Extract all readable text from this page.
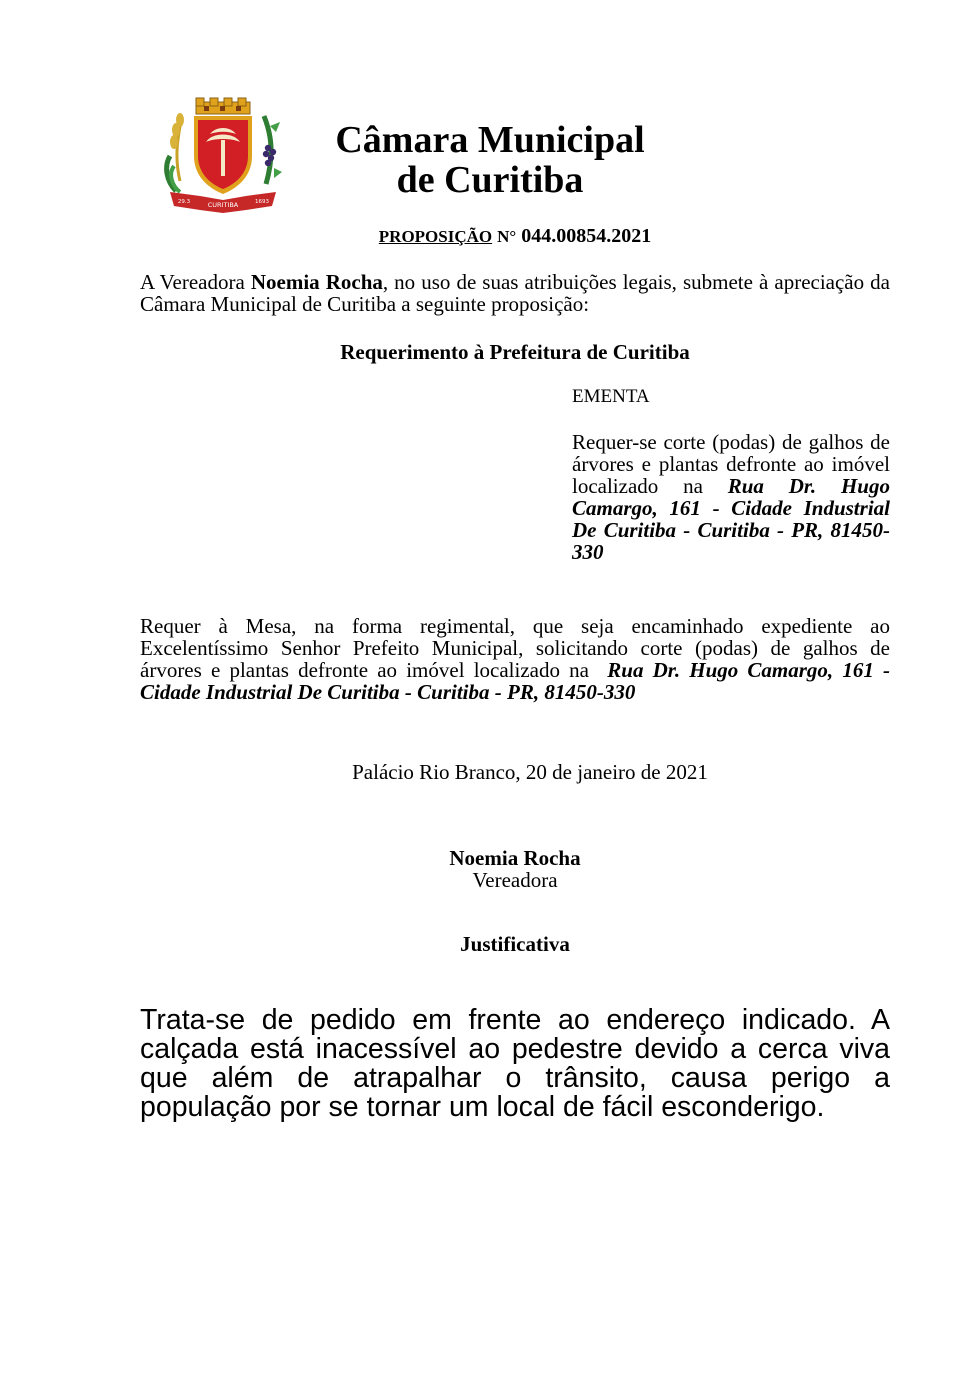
CURITIBA
29.3	1693
Câmara Municipal
de Curitiba
PROPOSIÇÃO N° 044.00854.2021
A Vereadora Noemia Rocha, no uso de suas atribuições legais, submete à apreciação da Câmara Municipal de Curitiba a seguinte proposição:
Requerimento à Prefeitura de Curitiba
EMENTA
Requer-se corte (podas) de galhos de árvores e plantas defronte ao imóvel localizado na Rua Dr. Hugo Camargo, 161 - Cidade Industrial De Curitiba - Curitiba - PR, 81450-330
Requer à Mesa, na forma regimental, que seja encaminhado expediente ao Excelentíssimo Senhor Prefeito Municipal, solicitando corte (podas) de galhos de árvores e plantas defronte ao imóvel localizado na Rua Dr. Hugo Camargo, 161 - Cidade Industrial De Curitiba - Curitiba - PR, 81450-330
Palácio Rio Branco, 20 de janeiro de 2021
Noemia Rocha
Vereadora
Justificativa
Trata-se de pedido em frente ao endereço indicado. A calçada está inacessível ao pedestre devido a cerca viva que além de atrapalhar o trânsito, causa perigo a população por se tornar um local de fácil esconderigo.
